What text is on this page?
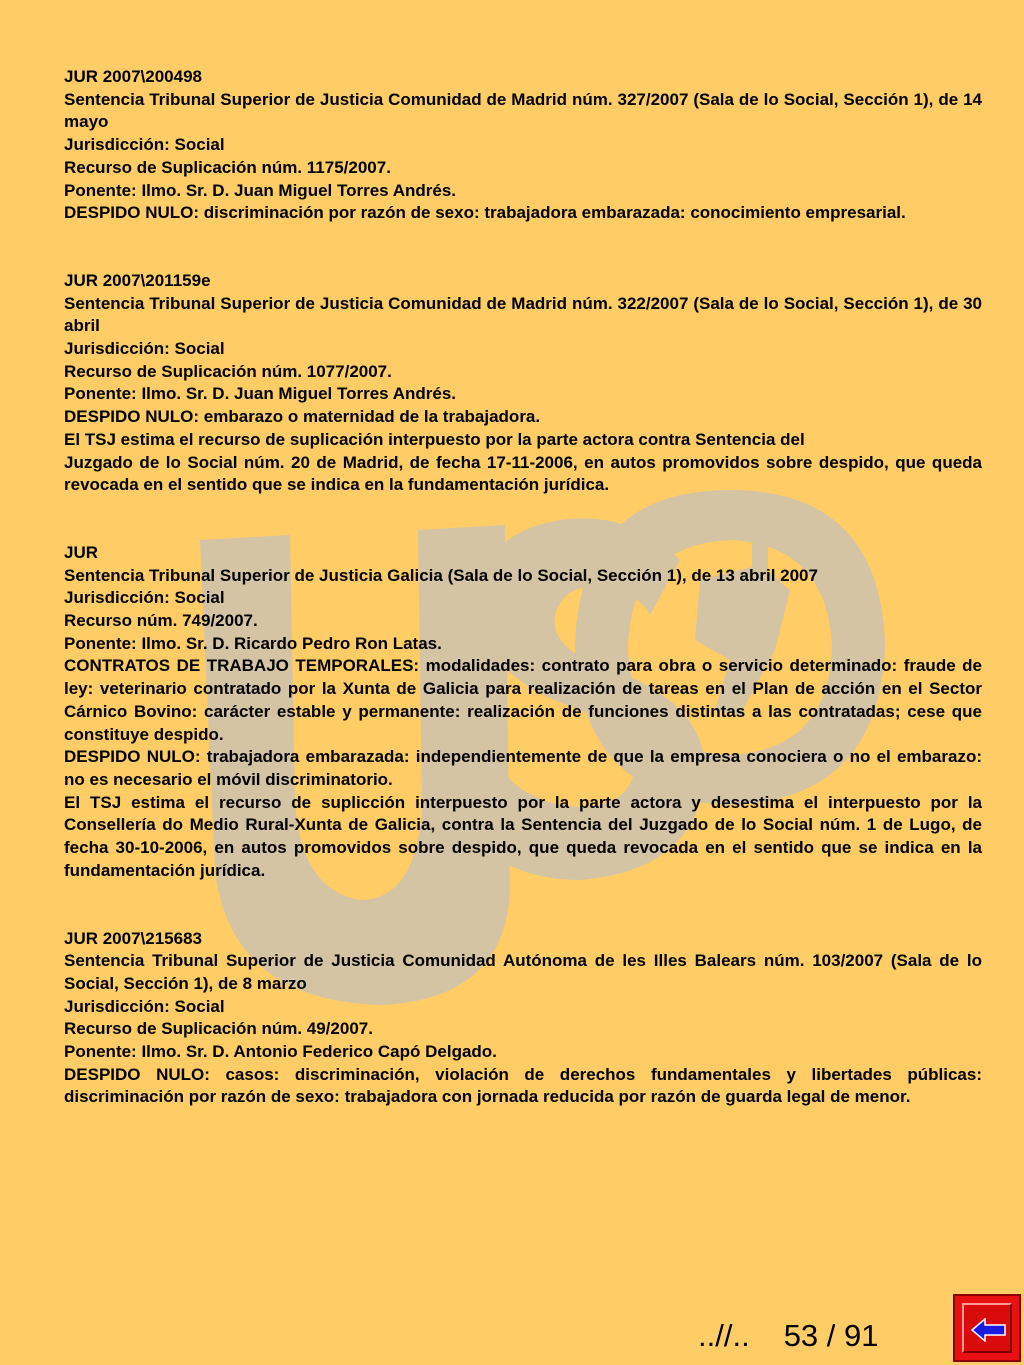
JUR 2007\200498

Sentencia Tribunal Superior de Justicia Comunidad de Madrid núm. 327/2007 (Sala de lo Social, Sección 1), de 14 mayo

Jurisdicción: Social

Recurso de Suplicación núm. 1175/2007.

Ponente: Ilmo. Sr. D. Juan Miguel Torres Andrés.

DESPIDO NULO: discriminación por razón de sexo: trabajadora embarazada: conocimiento empresarial.

JUR 2007\201159e

Sentencia Tribunal Superior de Justicia Comunidad de Madrid núm. 322/2007 (Sala de lo Social, Sección 1), de 30 abril

Jurisdicción: Social

Recurso de Suplicación núm. 1077/2007.

Ponente: Ilmo. Sr. D. Juan Miguel Torres Andrés.

DESPIDO NULO: embarazo o maternidad de la trabajadora.

El TSJ estima el recurso de suplicación interpuesto por la parte actora contra Sentencia del

Juzgado de lo Social núm. 20 de Madrid, de fecha 17-11-2006, en autos promovidos sobre despido, que queda revocada en el sentido que se indica en la fundamentación jurídica.

JUR

Sentencia Tribunal Superior de Justicia Galicia (Sala de lo Social, Sección 1), de 13 abril 2007

Jurisdicción: Social

Recurso núm. 749/2007.

Ponente: Ilmo. Sr. D. Ricardo Pedro Ron Latas.

CONTRATOS DE TRABAJO TEMPORALES: modalidades: contrato para obra o servicio determinado: fraude de ley: veterinario contratado por la Xunta de Galicia para realización de tareas en el Plan de acción en el Sector Cárnico Bovino: carácter estable y permanente: realización de funciones distintas a las contratadas; cese que constituye despido.

DESPIDO NULO: trabajadora embarazada: independientemente de que la empresa conociera o no el embarazo: no es necesario el móvil discriminatorio.

El TSJ estima el recurso de suplicción interpuesto por la parte actora y desestima el interpuesto por la Consellería do Medio Rural-Xunta de Galicia, contra la Sentencia del Juzgado de lo Social núm. 1 de Lugo, de fecha 30-10-2006, en autos promovidos sobre despido, que queda revocada en el sentido que se indica en la fundamentación jurídica.

JUR 2007\215683

Sentencia Tribunal Superior de Justicia Comunidad Autónoma de les Illes Balears núm. 103/2007 (Sala de lo Social, Sección 1), de 8 marzo

Jurisdicción: Social

Recurso de Suplicación núm. 49/2007.

Ponente: Ilmo. Sr. D. Antonio Federico Capó Delgado.

DESPIDO NULO: casos: discriminación, violación de derechos fundamentales y libertades públicas: discriminación por razón de sexo: trabajadora con jornada reducida por razón de guarda legal de menor.

..//.. 53 / 91
